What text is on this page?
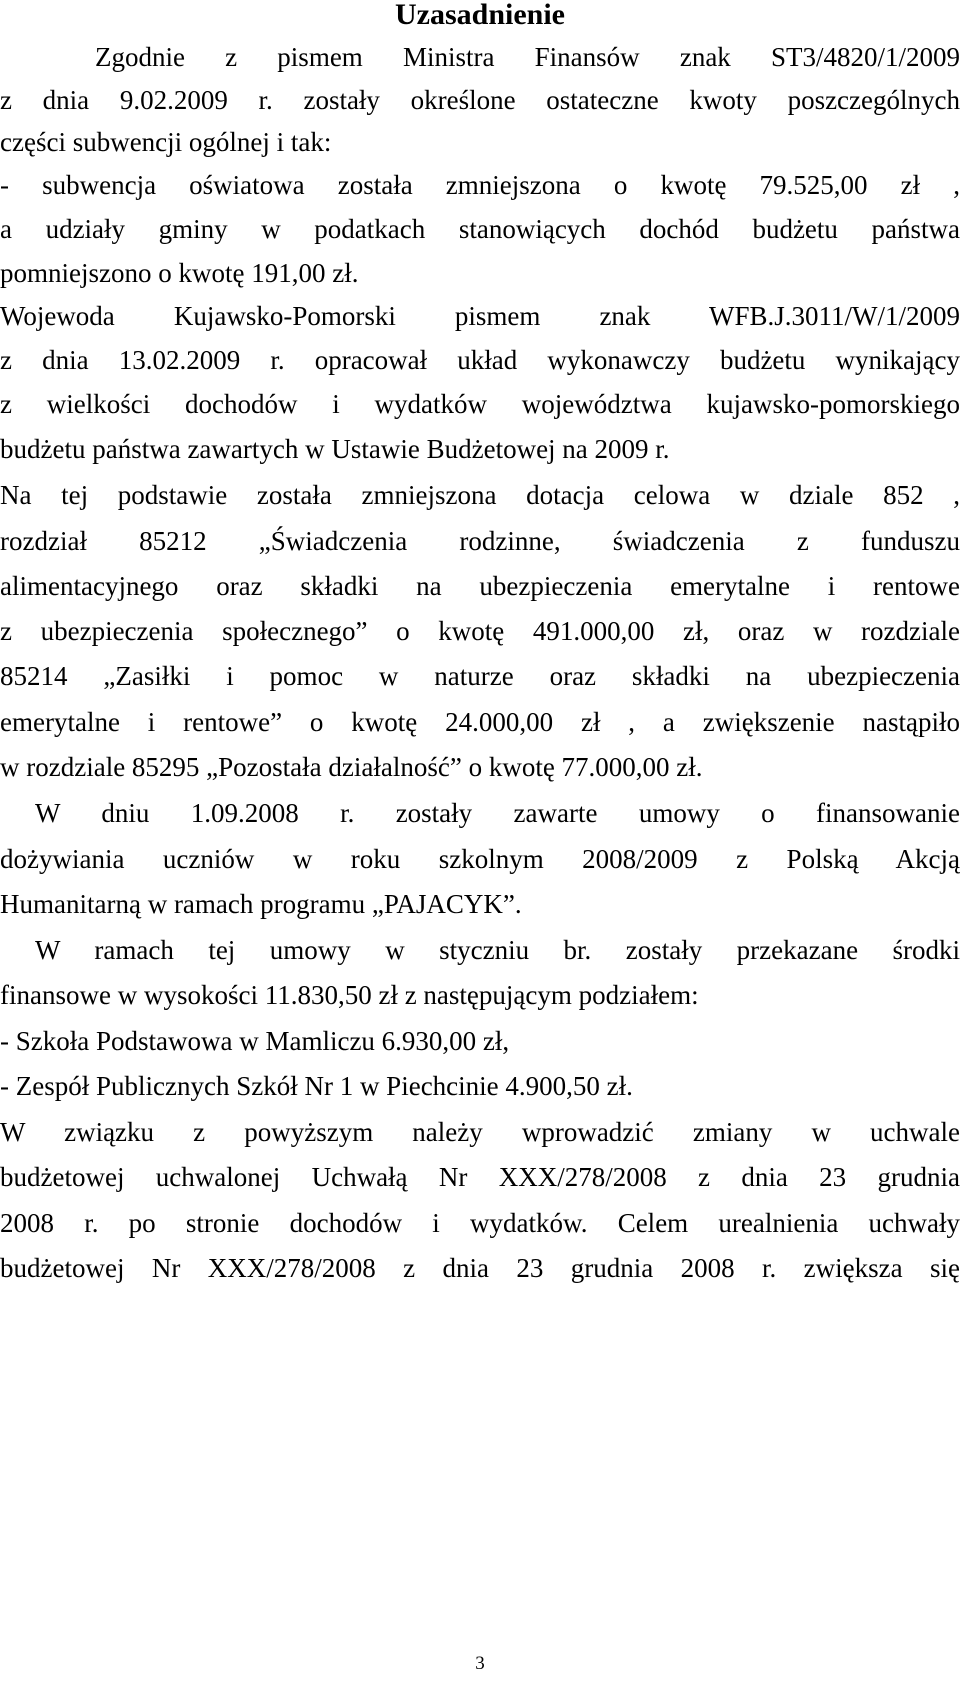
Uzasadnienie
Zgodnie z pismem Ministra Finansów znak ST3/4820/1/2009
z dnia 9.02.2009 r. zostały określone ostateczne kwoty poszczególnych
części subwencji ogólnej i tak:
- subwencja oświatowa została zmniejszona o kwotę 79.525,00 zł ,
a udziały gminy w podatkach stanowiących dochód budżetu państwa
pomniejszono o kwotę 191,00 zł.
Wojewoda Kujawsko-Pomorski pismem znak WFB.J.3011/W/1/2009
z dnia 13.02.2009 r. opracował układ wykonawczy budżetu wynikający
z wielkości dochodów i wydatków województwa kujawsko-pomorskiego
budżetu państwa zawartych w Ustawie Budżetowej na 2009 r.
Na tej podstawie została zmniejszona dotacja celowa w dziale 852 ,
rozdział 85212 „Świadczenia rodzinne, świadczenia z funduszu
alimentacyjnego oraz składki na ubezpieczenia emerytalne i rentowe
z ubezpieczenia społecznego” o kwotę 491.000,00 zł, oraz w rozdziale
85214 „Zasiłki i pomoc w naturze oraz składki na ubezpieczenia
emerytalne i rentowe” o kwotę 24.000,00 zł , a zwiększenie nastąpiło
w rozdziale 85295 „Pozostała działalność” o kwotę 77.000,00 zł.
W dniu 1.09.2008 r. zostały zawarte umowy o finansowanie
dożywiania uczniów w roku szkolnym 2008/2009 z Polską Akcją
Humanitarną w ramach programu „PAJACYK”.
W ramach tej umowy w styczniu br. zostały przekazane środki
finansowe w wysokości 11.830,50 zł z następującym podziałem:
- Szkoła Podstawowa w Mamliczu 6.930,00 zł,
- Zespół Publicznych Szkół Nr 1 w Piechcinie 4.900,50 zł.
W związku z powyższym należy wprowadzić zmiany w uchwale
budżetowej uchwalonej Uchwałą Nr XXX/278/2008 z dnia 23 grudnia
2008 r. po stronie dochodów i wydatków. Celem urealnienia uchwały
budżetowej Nr XXX/278/2008 z dnia 23 grudnia 2008 r. zwiększa się
3
